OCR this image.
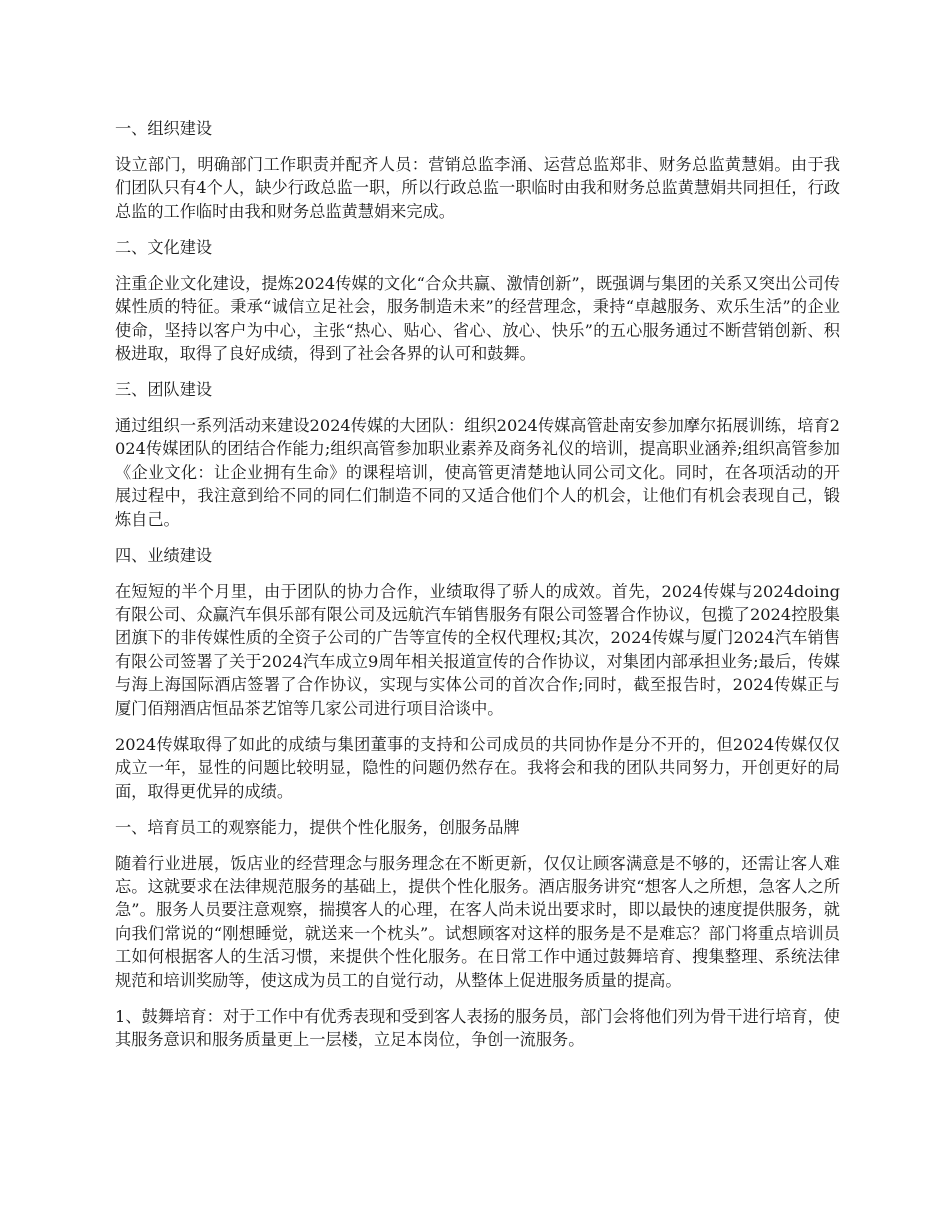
一、组织建设

设立部门，明确部门工作职责并配齐人员：营销总监李涌、运营总监郑非、财务总监黄慧娟。由于我们团队只有4个人，缺少行政总监一职，所以行政总监一职临时由我和财务总监黄慧娟共同担任，行政总监的工作临时由我和财务总监黄慧娟来完成。

二、文化建设

注重企业文化建设，提炼2024传媒的文化“合众共赢、激情创新”，既强调与集团的关系又突出公司传媒性质的特征。秉承“诚信立足社会，服务制造未来”的经营理念，秉持“卓越服务、欢乐生活”的企业使命，坚持以客户为中心，主张“热心、贴心、省心、放心、快乐”的五心服务通过不断营销创新、积极进取，取得了良好成绩，得到了社会各界的认可和鼓舞。

三、团队建设

通过组织一系列活动来建设2024传媒的大团队：组织2024传媒高管赴南安参加摩尔拓展训练，培育2024传媒团队的团结合作能力;组织高管参加职业素养及商务礼仪的培训，提高职业涵养;组织高管参加《企业文化：让企业拥有生命》的课程培训，使高管更清楚地认同公司文化。同时，在各项活动的开展过程中，我注意到给不同的同仁们制造不同的又适合他们个人的机会，让他们有机会表现自己，锻炼自己。

四、业绩建设

在短短的半个月里，由于团队的协力合作，业绩取得了骄人的成效。首先，2024传媒与2024doing有限公司、众赢汽车俱乐部有限公司及远航汽车销售服务有限公司签署合作协议，包揽了2024控股集团旗下的非传媒性质的全资子公司的广告等宣传的全权代理权;其次，2024传媒与厦门2024汽车销售有限公司签署了关于2024汽车成立9周年相关报道宣传的合作协议，对集团内部承担业务;最后，传媒与海上海国际酒店签署了合作协议，实现与实体公司的首次合作;同时，截至报告时，2024传媒正与厦门佰翔酒店恒品茶艺馆等几家公司进行项目洽谈中。

2024传媒取得了如此的成绩与集团董事的支持和公司成员的共同协作是分不开的，但2024传媒仅仅成立一年，显性的问题比较明显，隐性的问题仍然存在。我将会和我的团队共同努力，开创更好的局面，取得更优异的成绩。

一、培育员工的观察能力，提供个性化服务，创服务品牌

随着行业进展，饭店业的经营理念与服务理念在不断更新，仅仅让顾客满意是不够的，还需让客人难忘。这就要求在法律规范服务的基础上，提供个性化服务。酒店服务讲究“想客人之所想，急客人之所急”。服务人员要注意观察，揣摸客人的心理，在客人尚未说出要求时，即以最快的速度提供服务，就向我们常说的“刚想睡觉，就送来一个枕头”。试想顾客对这样的服务是不是难忘？部门将重点培训员工如何根据客人的生活习惯，来提供个性化服务。在日常工作中通过鼓舞培育、搜集整理、系统法律规范和培训奖励等，使这成为员工的自觉行动，从整体上促进服务质量的提高。

1、鼓舞培育：对于工作中有优秀表现和受到客人表扬的服务员，部门会将他们列为骨干进行培育，使其服务意识和服务质量更上一层楼，立足本岗位，争创一流服务。
